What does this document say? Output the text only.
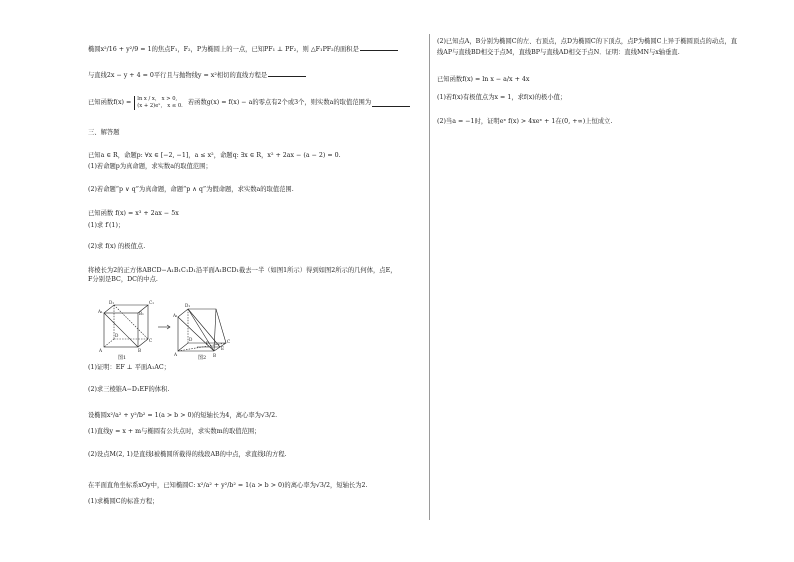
椭圆x²/16 + y²/9 = 1的焦点F₁，F₂，P为椭圆上的一点，已知PF₁ ⊥ PF₂，则 △F₁PF₂的面积是
与直线2x − y + 4 = 0平行且与抛物线y = x²相切的直线方程是
已知函数f(x) = ln x / x， x > 0,
(x + 2)eˣ， x ≤ 0. 若函数g(x) = f(x) − a的零点有2个或3个，则实数a的取值范围为
三、解答题
已知a ∈ R，命题p: ∀x ∈ [−2, −1]，a ≤ x²，命题q: ∃x ∈ R，x² + 2ax − (a − 2) = 0.
(1)若命题p为真命题，求实数a的取值范围；
(2)若命题“p ∨ q”为真命题，命题“p ∧ q”为假命题，求实数a的取值范围.
已知函数 f(x) = x³ + 2ax − 5x
(1)求 f′(1)；
(2)求 f(x) 的极值点.
将棱长为2的正方体ABCD−A₁B₁C₁D₁沿平面A₁BCD₁截去一半（如图1所示）得到如图2所示的几何体，点E，
F分别是BC，DC的中点.
(1)证明：EF ⊥ 平面A₁AC；
(2)求三棱锥A−D₁EF的体积.
设椭圆x²/a² + y²/b² = 1(a > b > 0)的短轴长为4，离心率为√3/2.
(1)直线y = x + m与椭圆有公共点时，求实数m的取值范围；
(2)设点M(2, 1)是直线l被椭圆所截得的线段AB的中点，求直线l的方程.
在平面直角坐标系xOy中，已知椭圆C: x²/a² + y²/b² = 1(a > b > 0)的离心率为√3/2，短轴长为2.
(1)求椭圆C的标准方程；
A₁	B₁
D₁	C₁
A	B
D
C
A₁
D₁
A
D
F	C
E
B
图1	图2
(2)已知点A，B分别为椭圆C的左、右顶点，点D为椭圆C的下顶点，点P为椭圆C上异于椭圆顶点的动点，直
线AP与直线BD相交于点M，直线BP与直线AD相交于点N．证明：直线MN与x轴垂直.
已知函数f(x) = ln x − a/x + 4x
(1)若f(x)有极值点为x = 1，求f(x)的极小值；
(2)当a = −1时，证明eˣ f(x) > 4xeˣ + 1在(0, +∞)上恒成立.
